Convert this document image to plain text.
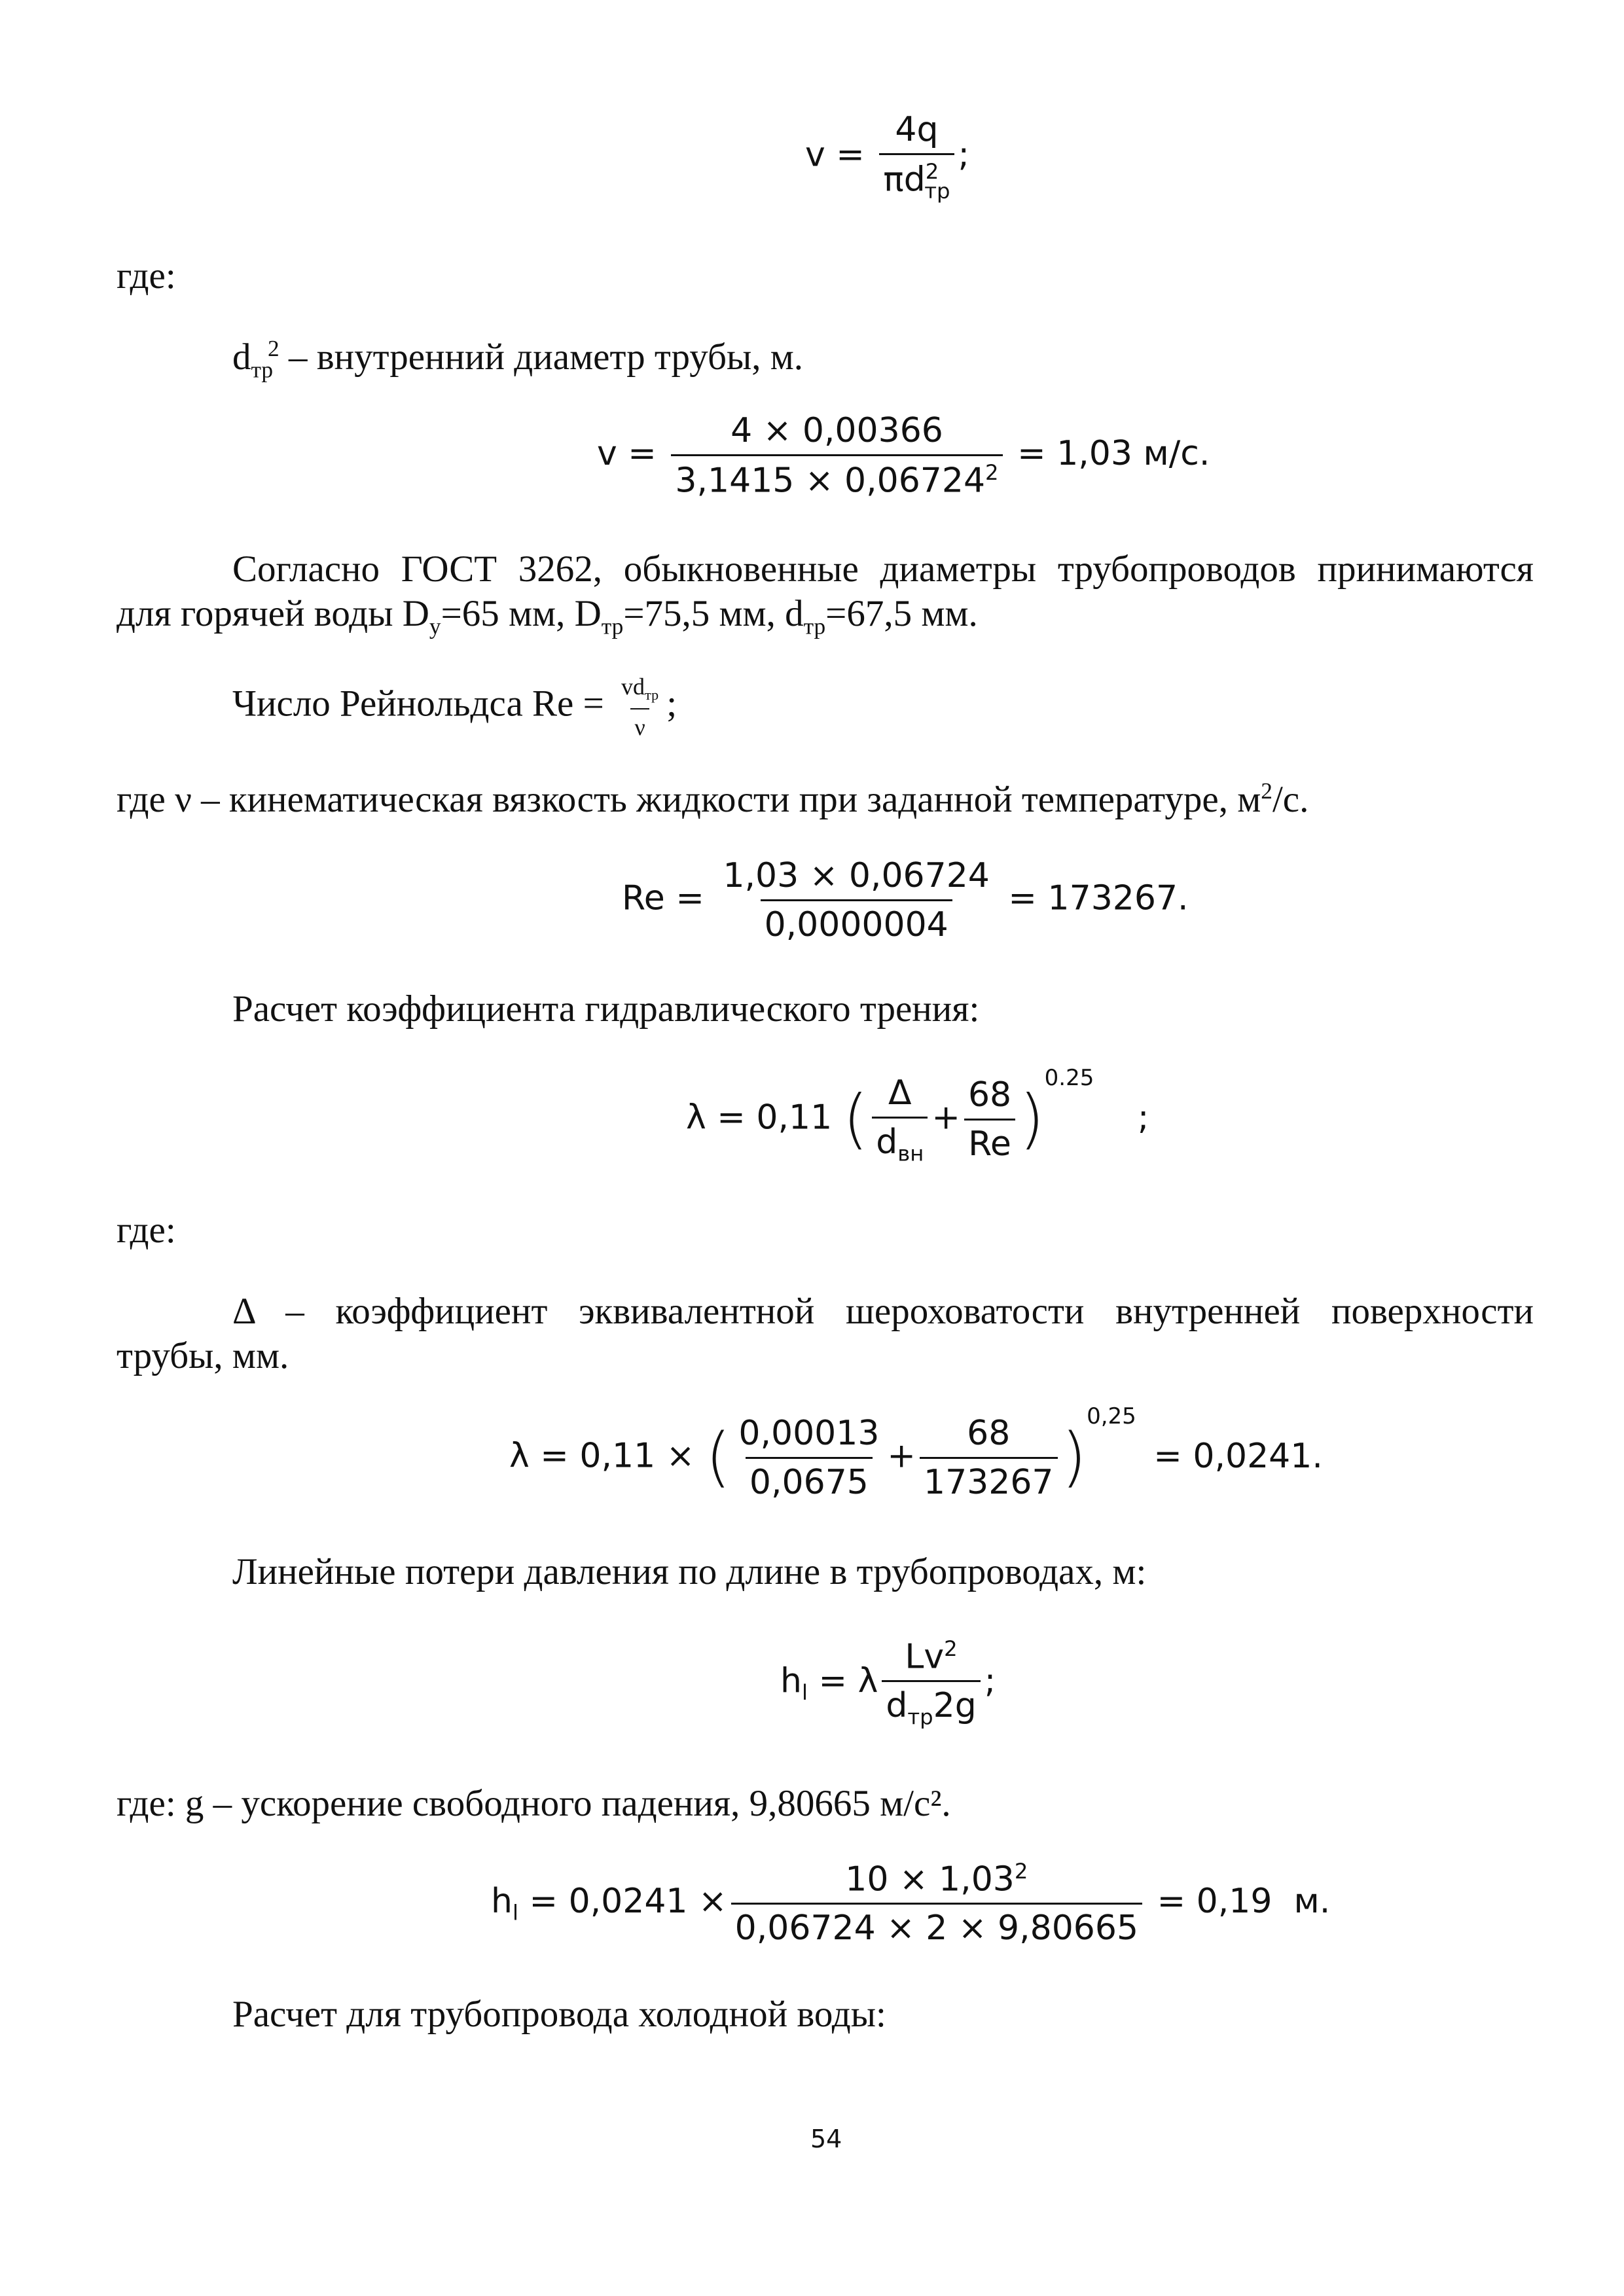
$v = \frac{4q}{\pi d^2_{тр}}$ ;
где:
$d_{тр}^2$ – внутренний диаметр трубы, м.
$v = \frac{4 \times 0,00366}{3,1415 \times 0,06724^2} = 1,03$ м/с.
Согласно ГОСТ 3262, обыкновенные диаметры трубопроводов принимаются
для горячей воды $D_у=65$ мм, $D_{тр}=75,5$ мм, $d_{тр}=67,5$ мм.
Число Рейнольдса $Re = \frac{vd_{тр}}{\nu}$ ;
где ν – кинематическая вязкость жидкости при заданной температуре, $м^2/с$.
$Re = \frac{1,03 \times 0,06724}{0,0000004} = 173267$.
Расчет коэффициента гидравлического трения:
λ = 0,11 ( $\frac{\Delta}{d_{вн}} + \frac{68}{Re} )^{0.25}$ ;
где:
Δ – коэффициент эквивалентной шероховатости внутренней поверхности
трубы, мм.
λ = 0,11 × ( $\frac{0,00013}{0,0675} + \frac{68}{173267} )^{0,25} = 0,0241$.
Линейные потери давления по длине в трубопроводах, м:
$h_l = \lambda \frac{Lv^2}{d_{тр}2g}$ ;
где: g – ускорение свободного падения, 9,80665 м/с².
$h_l = 0,0241 \times \frac{10 \times 1,03^2}{0,06724 \times 2 \times 9,80665} = 0,19$  м.
Расчет для трубопровода холодной воды:
54
